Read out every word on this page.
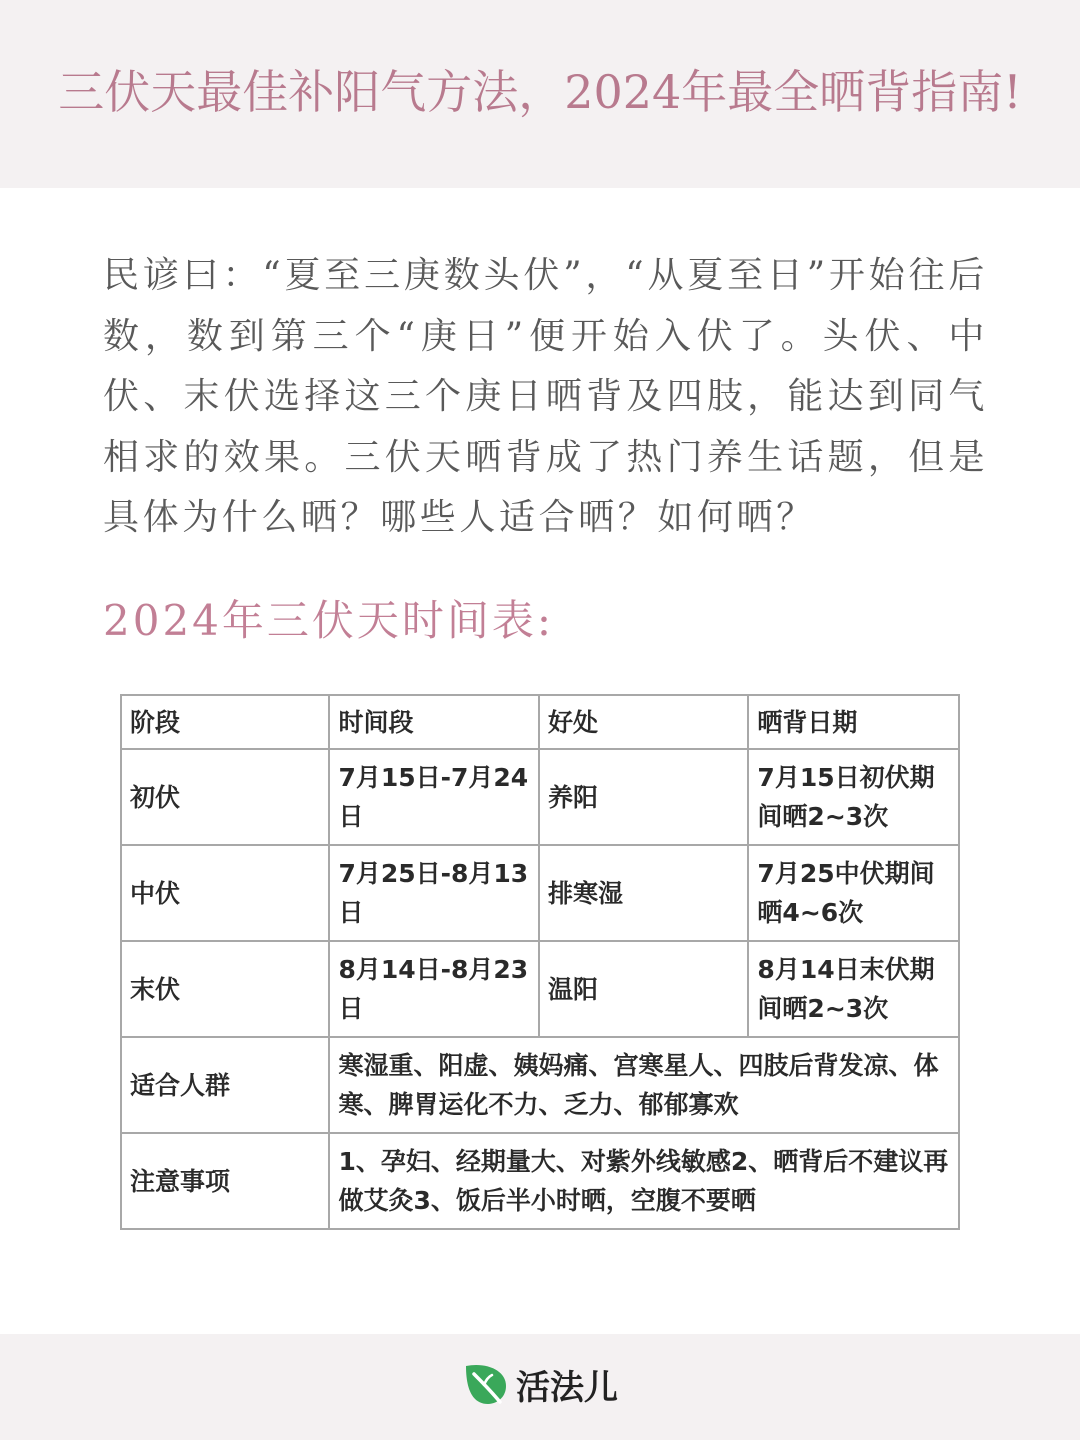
三伏天最佳补阳气方法，2024年最全晒背指南!

民谚曰：“夏至三庚数头伏”，“从夏至日”开始往后数，数到第三个“庚日”便开始入伏了。头伏、中伏、末伏选择这三个庚日晒背及四肢，能达到同气相求的效果。三伏天晒背成了热门养生话题，但是具体为什么晒？哪些人适合晒？如何晒？

2024年三伏天时间表:
阶段	时间段	好处	晒背日期
初伏	7月15日-7月24日	养阳	7月15日初伏期间晒2~3次
中伏	7月25日-8月13日	排寒湿	7月25中伏期间晒4~6次
末伏	8月14日-8月23日	温阳	8月14日末伏期间晒2~3次
适合人群	寒湿重、阳虚、姨妈痛、宫寒星人、四肢后背发凉、体寒、脾胃运化不力、乏力、郁郁寡欢		
注意事项	1、孕妇、经期量大、对紫外线敏感2、晒背后不建议再做艾灸3、饭后半小时晒，空腹不要晒		
活法儿
